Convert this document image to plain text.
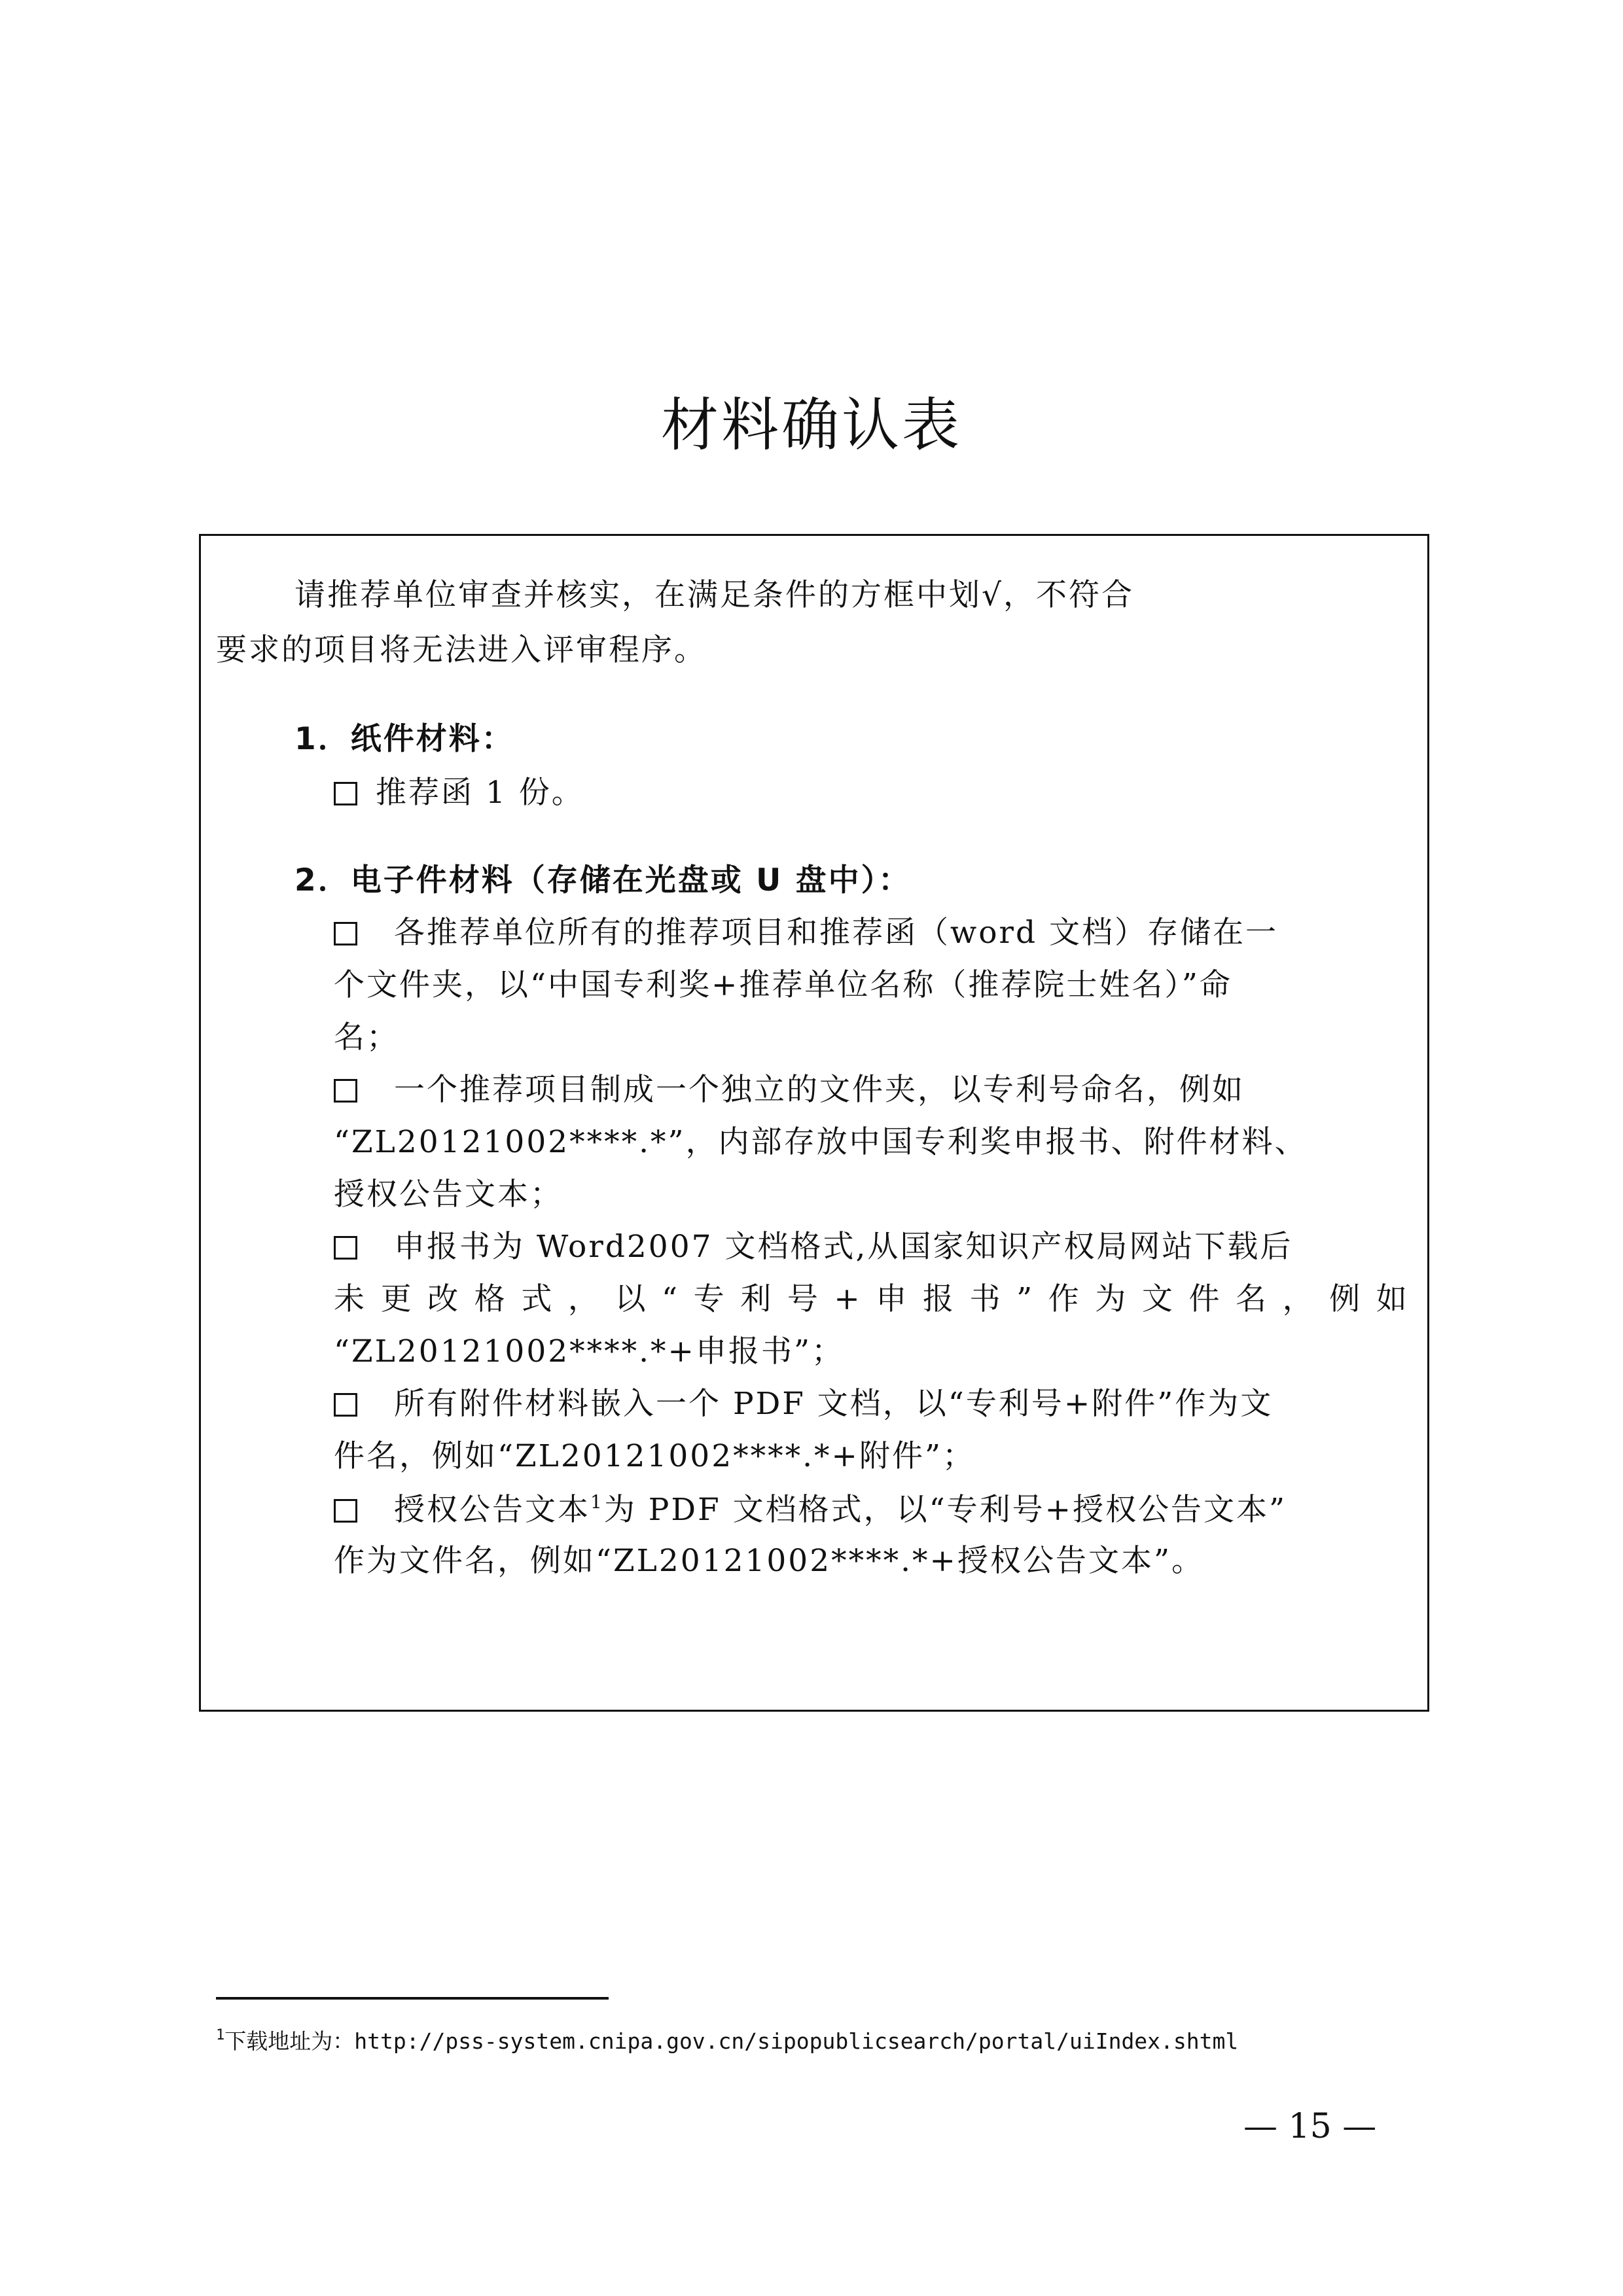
材料确认表
请推荐单位审查并核实，在满足条件的方框中划√，不符合
要求的项目将无法进入评审程序。
1．纸件材料：
推荐函 1 份。
2．电子件材料（存储在光盘或 U 盘中）：
各推荐单位所有的推荐项目和推荐函（word 文档）存储在一
个文件夹，以“中国专利奖+推荐单位名称（推荐院士姓名）”命
名；
一个推荐项目制成一个独立的文件夹，以专利号命名，例如
“ZL20121002****.*”，内部存放中国专利奖申报书、附件材料、
授权公告文本；
申报书为 Word2007 文档格式,从国家知识产权局网站下载后
未 更 改 格 式 ， 以 “ 专 利 号 + 申 报 书 ” 作 为 文 件 名 ， 例 如
“ZL20121002****.*+申报书”；
所有附件材料嵌入一个 PDF 文档，以“专利号+附件”作为文
件名，例如“ZL20121002****.*+附件”；
授权公告文本$^1$为 PDF 文档格式，以“专利号+授权公告文本”
作为文件名，例如“ZL20121002****.*+授权公告文本”。
$^1$下载地址为：http://pss-system.cnipa.gov.cn/sipopublicsearch/portal/uiIndex.shtml
— 15 —
